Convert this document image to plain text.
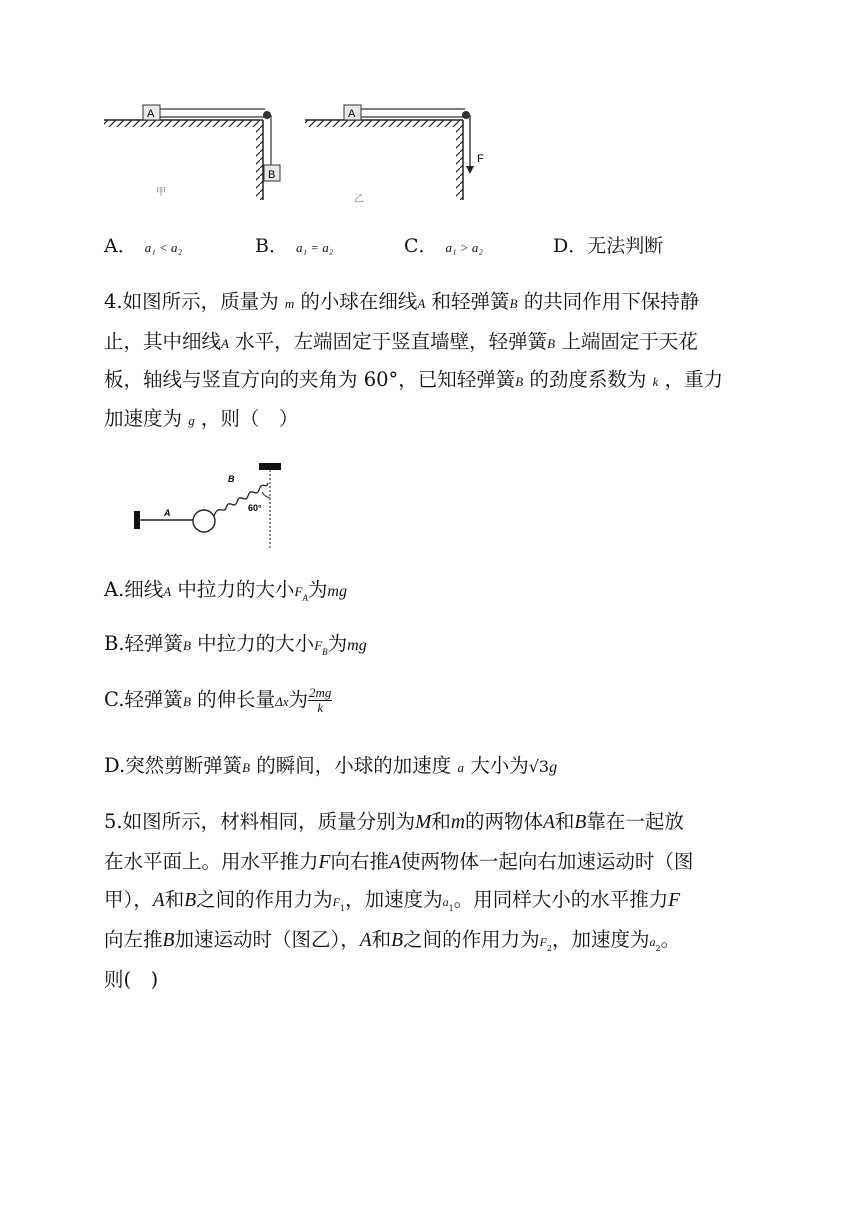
A
B
甲
A
F
乙
A． a₁ < a₂	B． a₁ = a₂	C． a₁ > a₂	D．无法判断
4.如图所示，质量为 m 的小球在细线A 和轻弹簧B 的共同作用下保持静
止，其中细线A 水平，左端固定于竖直墙壁，轻弹簧B 上端固定于天花
板，轴线与竖直方向的夹角为 60°，已知轻弹簧B 的劲度系数为 k ，重力
加速度为 g ，则（　）
A
B
60°
A.细线A 中拉力的大小$F_A$为mg
B.轻弹簧B 中拉力的大小$F_B$为mg
C.轻弹簧B 的伸长量Δx为 $\frac{2mg}{k}$
D.突然剪断弹簧B 的瞬间，小球的加速度 a 大小为√3g
5.如图所示，材料相同，质量分别为M和m的两物体A和B靠在一起放
在水平面上。用水平推力F向右推A使两物体一起向右加速运动时（图
甲），A和B之间的作用力为$F_1$，加速度为$a_1$。用同样大小的水平推力F
向左推B加速运动时（图乙），A和B之间的作用力为$F_2$，加速度为$a_2$。
则(　)
